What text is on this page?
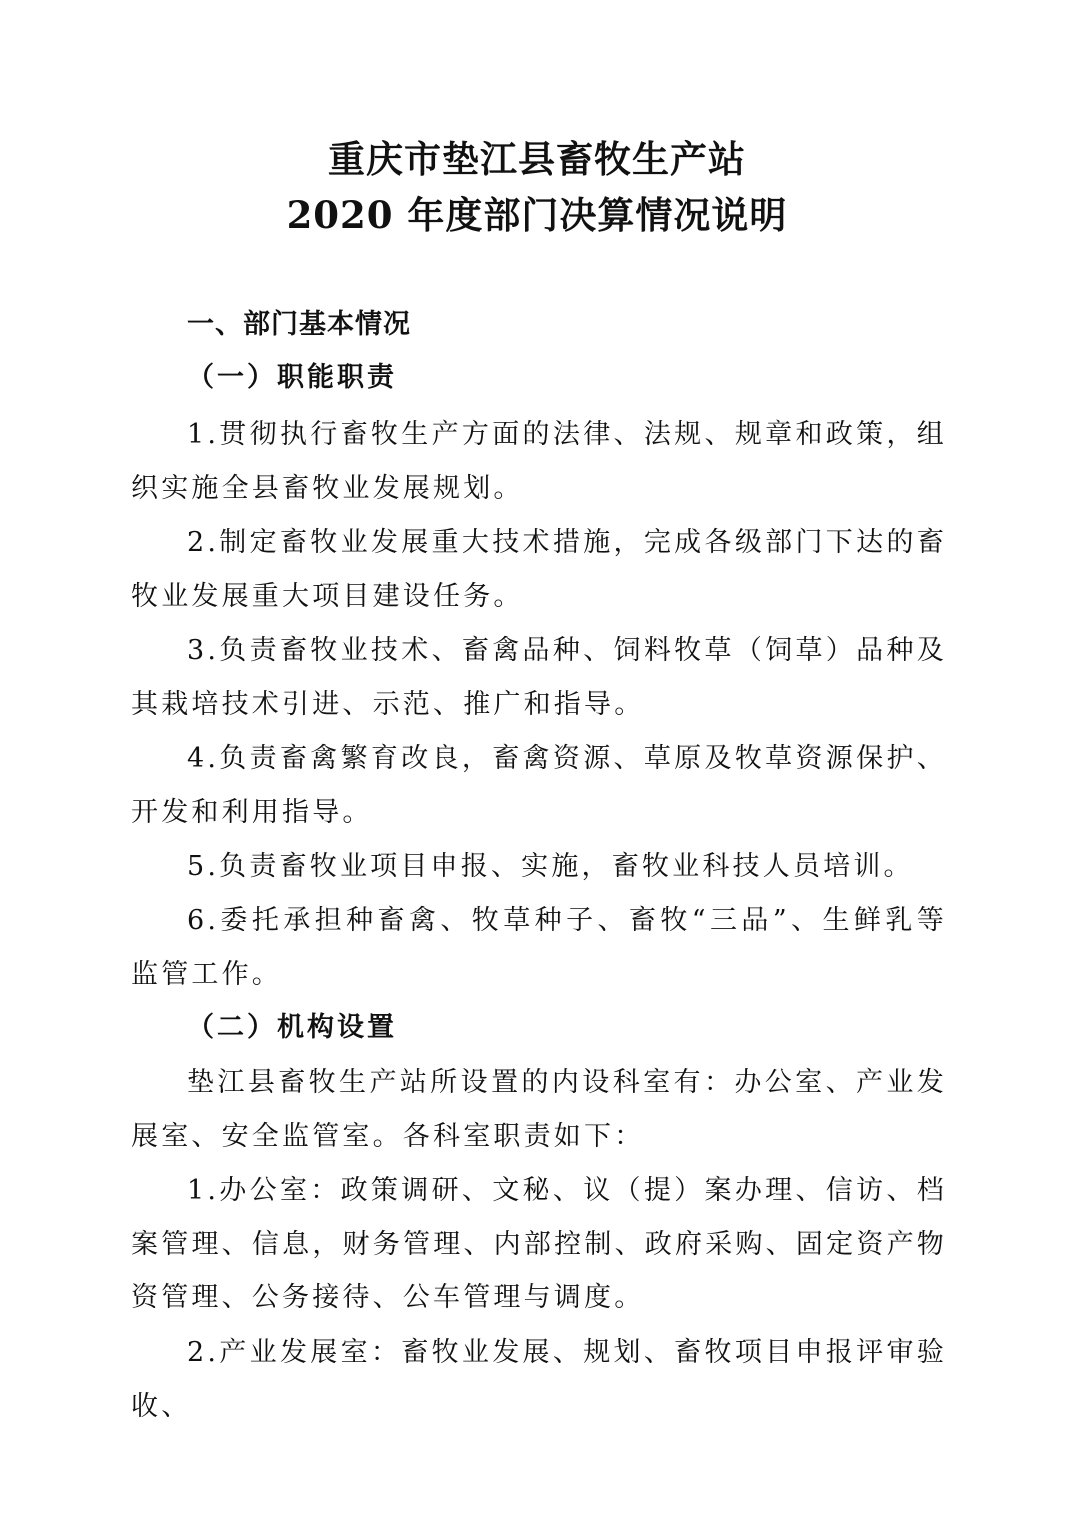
重庆市垫江县畜牧生产站
2020 年度部门决算情况说明
一、部门基本情况
（一）职能职责

1.贯彻执行畜牧生产方面的法律、法规、规章和政策，组织实施全县畜牧业发展规划。

2.制定畜牧业发展重大技术措施，完成各级部门下达的畜牧业发展重大项目建设任务。

3.负责畜牧业技术、畜禽品种、饲料牧草（饲草）品种及其栽培技术引进、示范、推广和指导。

4.负责畜禽繁育改良，畜禽资源、草原及牧草资源保护、开发和利用指导。

5.负责畜牧业项目申报、实施，畜牧业科技人员培训。

6.委托承担种畜禽、牧草种子、畜牧“三品”、生鲜乳等监管工作。

（二）机构设置

垫江县畜牧生产站所设置的内设科室有：办公室、产业发展室、安全监管室。各科室职责如下：

1.办公室：政策调研、文秘、议（提）案办理、信访、档案管理、信息，财务管理、内部控制、政府采购、固定资产物资管理、公务接待、公车管理与调度。

2.产业发展室：畜牧业发展、规划、畜牧项目申报评审验收、
